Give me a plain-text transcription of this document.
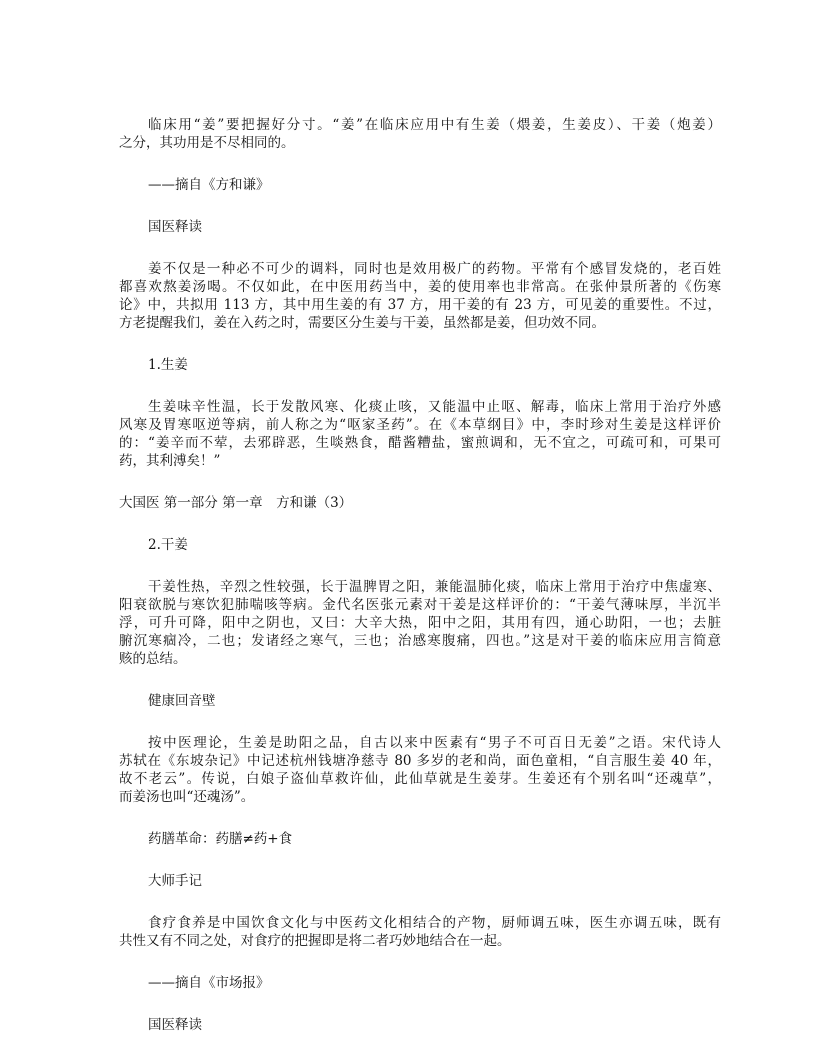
临床用“姜”要把握好分寸。“姜”在临床应用中有生姜（煨姜，生姜皮）、干姜（炮姜）
之分，其功用是不尽相同的。
——摘自《方和谦》
国医释读
姜不仅是一种必不可少的调料，同时也是效用极广的药物。平常有个感冒发烧的，老百姓
都喜欢熬姜汤喝。不仅如此，在中医用药当中，姜的使用率也非常高。在张仲景所著的《伤寒
论》中，共拟用 113 方，其中用生姜的有 37 方，用干姜的有 23 方，可见姜的重要性。不过，
方老提醒我们，姜在入药之时，需要区分生姜与干姜，虽然都是姜，但功效不同。
1.生姜
生姜味辛性温，长于发散风寒、化痰止咳，又能温中止呕、解毒，临床上常用于治疗外感
风寒及胃寒呕逆等病，前人称之为“呕家圣药”。在《本草纲目》中，李时珍对生姜是这样评价
的：“姜辛而不荤，去邪辟恶，生啖熟食，醋酱糟盐，蜜煎调和，无不宜之，可疏可和，可果可
药，其利溥矣！”
大国医 第一部分 第一章　方和谦（3）
2.干姜
干姜性热，辛烈之性较强，长于温脾胃之阳，兼能温肺化痰，临床上常用于治疗中焦虚寒、
阳衰欲脱与寒饮犯肺喘咳等病。金代名医张元素对干姜是这样评价的：“干姜气薄味厚，半沉半
浮，可升可降，阳中之阴也，又曰：大辛大热，阳中之阳，其用有四，通心助阳，一也；去脏
腑沉寒痼冷，二也；发诸经之寒气，三也；治感寒腹痛，四也。”这是对干姜的临床应用言简意
赅的总结。
健康回音壁
按中医理论，生姜是助阳之品，自古以来中医素有“男子不可百日无姜”之语。宋代诗人
苏轼在《东坡杂记》中记述杭州钱塘净慈寺 80 多岁的老和尚，面色童相，“自言服生姜 40 年，
故不老云”。传说，白娘子盗仙草救许仙，此仙草就是生姜芽。生姜还有个别名叫“还魂草”，
而姜汤也叫“还魂汤”。
药膳革命：药膳≠药+食
大师手记
食疗食养是中国饮食文化与中医药文化相结合的产物，厨师调五味，医生亦调五味，既有
共性又有不同之处，对食疗的把握即是将二者巧妙地结合在一起。
——摘自《市场报》
国医释读
